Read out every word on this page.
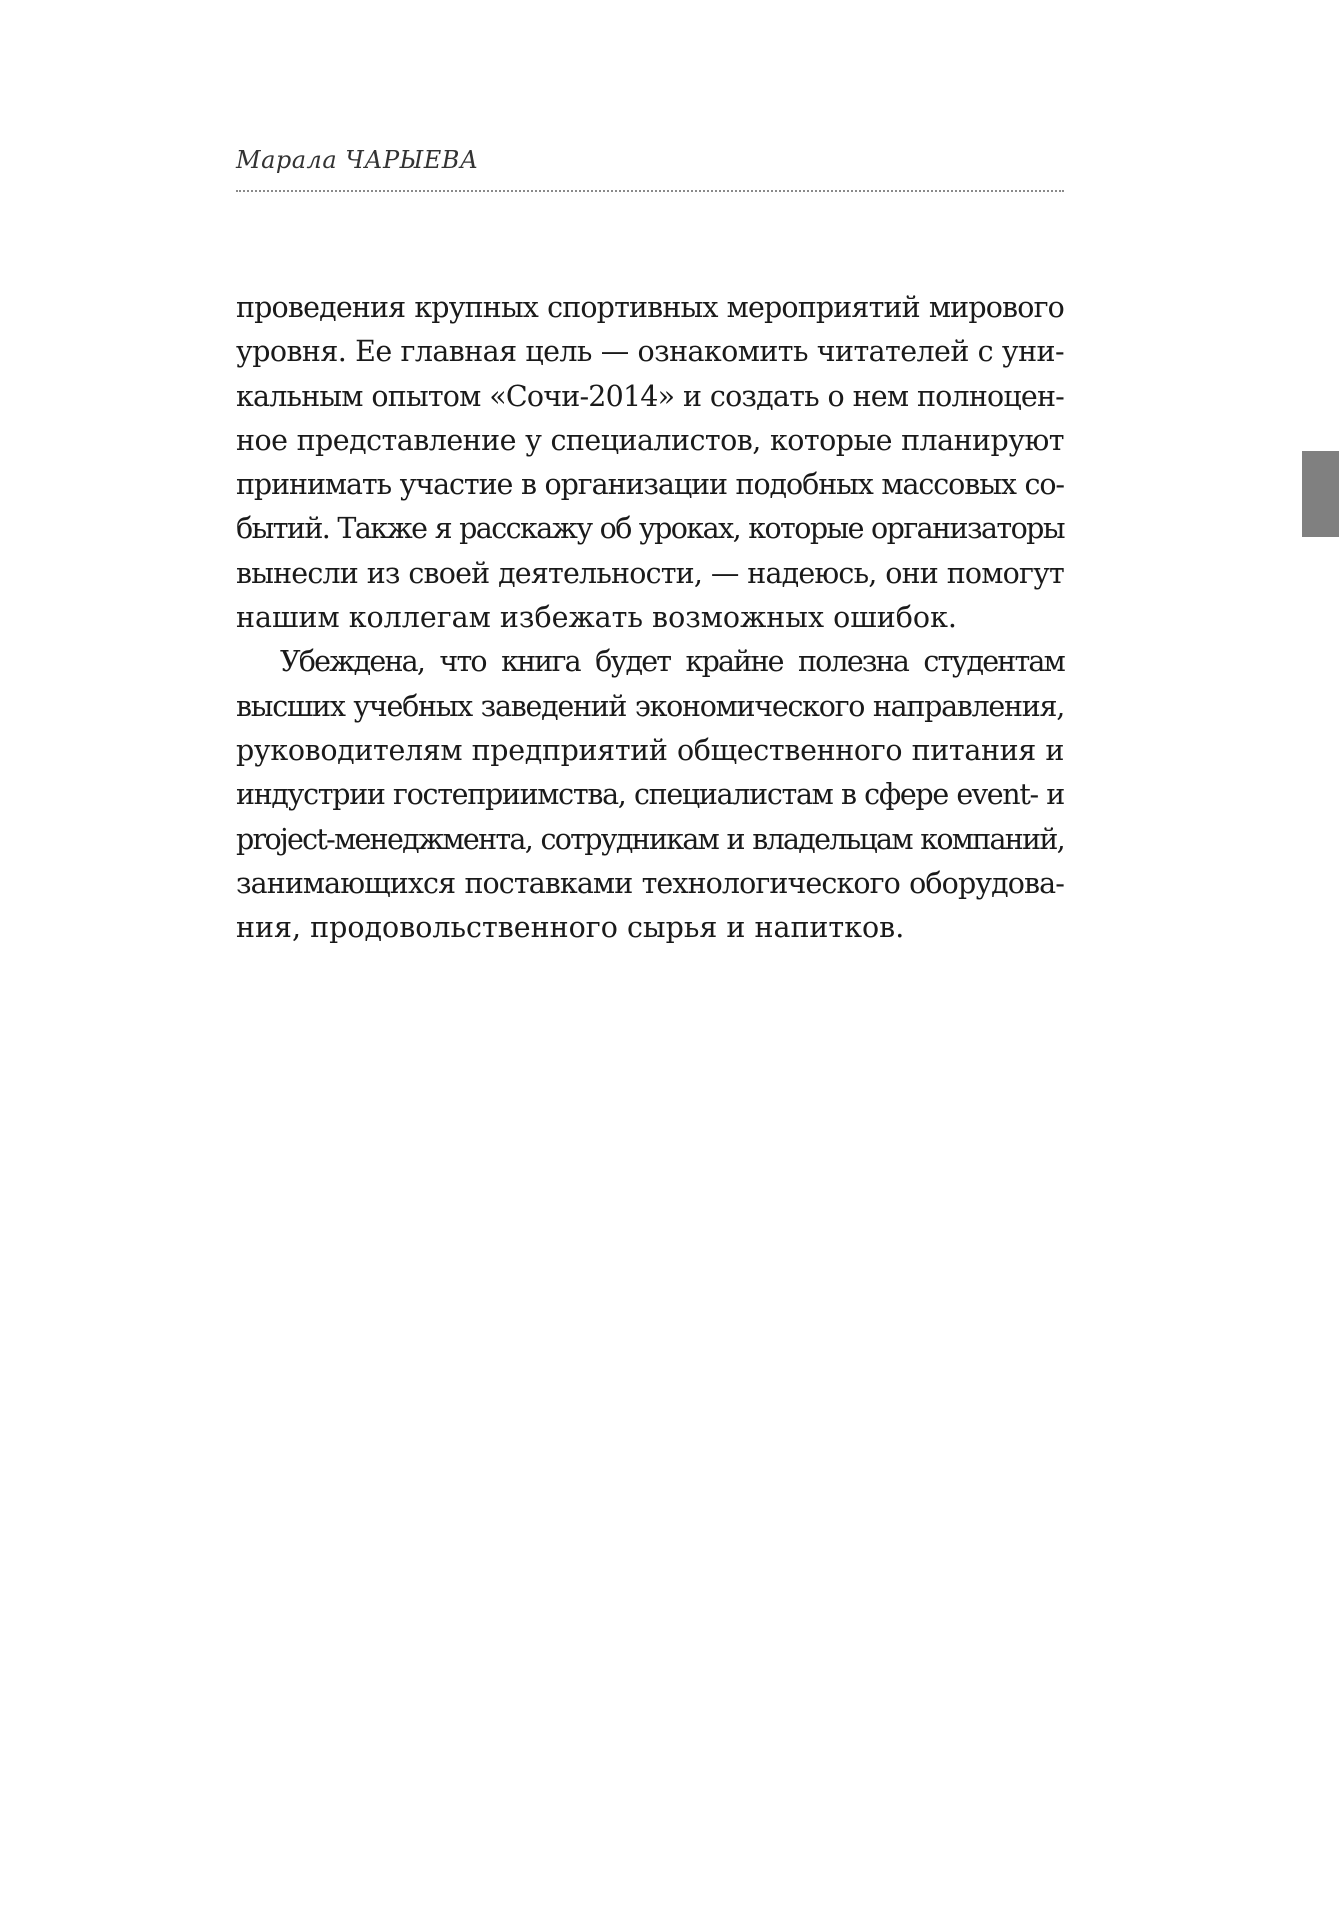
Марала ЧАРЫЕВА
проведения крупных спортивных мероприятий мирового
уровня. Ее главная цель — ознакомить читателей с уни-
кальным опытом «Сочи-2014» и создать о нем полноцен-
ное представление у специалистов, которые планируют
принимать участие в организации подобных массовых со-
бытий. Также я расскажу об уроках, которые организаторы
вынесли из своей деятельности, — надеюсь, они помогут
нашим коллегам избежать возможных ошибок.
Убеждена, что книга будет крайне полезна студентам
высших учебных заведений экономического направления,
руководителям предприятий общественного питания и
индустрии гостеприимства, специалистам в сфере event- и
project-менеджмента, сотрудникам и владельцам компаний,
занимающихся поставками технологического оборудова-
ния, продовольственного сырья и напитков.
